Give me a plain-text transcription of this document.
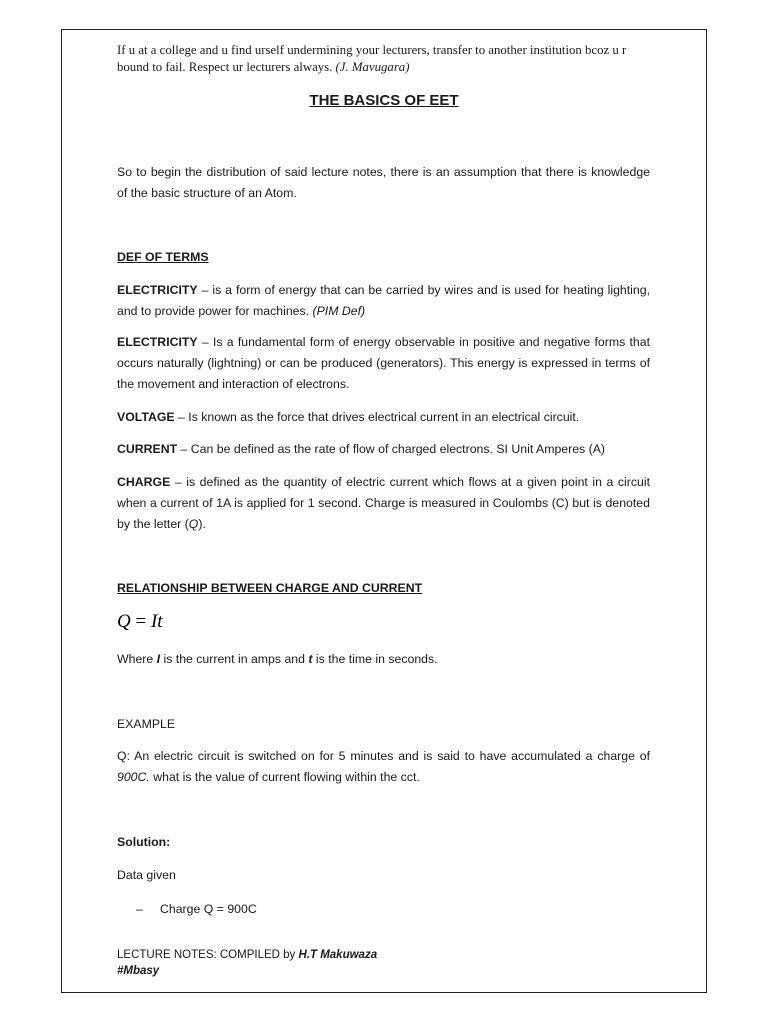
If u at a college and u find urself undermining your lecturers, transfer to another institution bcoz u r bound to fail. Respect ur lecturers always. (J. Mavugara)

THE BASICS OF EET

So to begin the distribution of said lecture notes, there is an assumption that there is knowledge of the basic structure of an Atom.

DEF OF TERMS

ELECTRICITY – is a form of energy that can be carried by wires and is used for heating lighting, and to provide power for machines. (PIM Def)

ELECTRICITY – Is a fundamental form of energy observable in positive and negative forms that occurs naturally (lightning) or can be produced (generators). This energy is expressed in terms of the movement and interaction of electrons.

VOLTAGE – Is known as the force that drives electrical current in an electrical circuit.

CURRENT – Can be defined as the rate of flow of charged electrons. SI Unit Amperes (A)

CHARGE – is defined as the quantity of electric current which flows at a given point in a circuit when a current of 1A is applied for 1 second. Charge is measured in Coulombs (C) but is denoted by the letter (Q).

RELATIONSHIP BETWEEN CHARGE AND CURRENT

Q = It

Where I is the current in amps and t is the time in seconds.

EXAMPLE

Q: An electric circuit is switched on for 5 minutes and is said to have accumulated a charge of 900C. what is the value of current flowing within the cct.

Solution:

Data given

– Charge Q = 900C

LECTURE NOTES: COMPILED by H.T Makuwaza
#Mbasy
